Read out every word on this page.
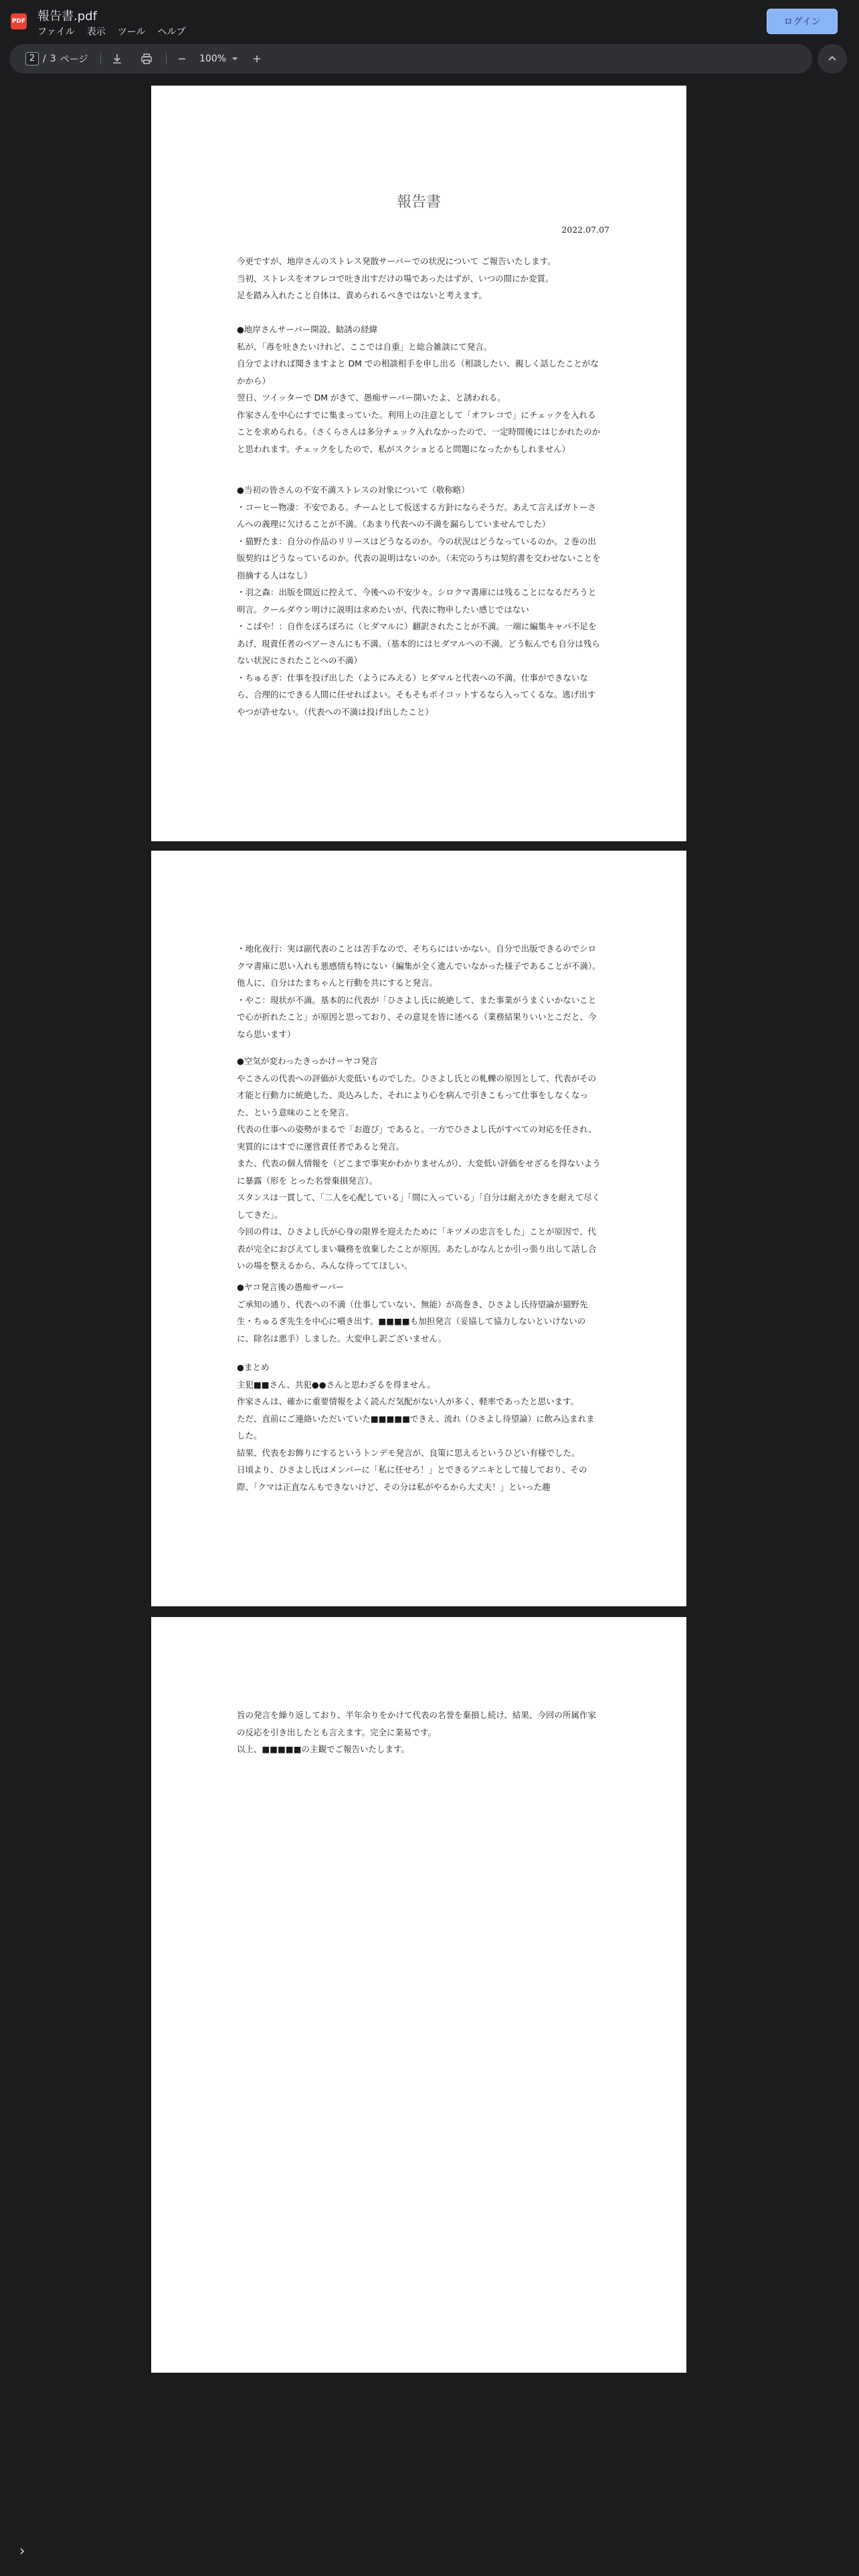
PDF 報告書.pdf
ファイル 表示 ツール ヘルプ
ログイン
2 / 3 ページ	100%
報告書
2022.07.07

今更ですが、地岸さんのストレス発散サーバーでの状況について ご報告いたします。

当初、ストレスをオフレコで吐き出すだけの場であったはずが、いつの間にか変質。

足を踏み入れたこと自体は、責められるべきではないと考えます。

●地岸さんサーバー開設、勧誘の経緯

私が、「毒を吐きたいけれど、ここでは自重」と総合雑談にて発言。

自分でよければ聞きますよと DM での相談相手を申し出る（相談したい、親しく話したことがなかから）

翌日、ツイッターで DM がきて、愚痴サーバー開いたよ、と誘われる。

作家さんを中心にすでに集まっていた。利用上の注意として「オフレコで」にチェックを入れることを求められる。（さくらさんは多分チェック入れなかったので、一定時間後にはじかれたのかと思われます。チェックをしたので、私がスクショとると問題になったかもしれません）

●当初の皆さんの不安不満ストレスの対象について（敬称略）

・コーヒー物凄：不安である。チームとして仮送する方針にならそうだ。あえて言えばガトーさんへの義理に欠けることが不満。（あまり代表への不満を漏らしていませんでした）

・猫野たま：自分の作品のリリースはどうなるのか。今の状況はどうなっているのか。２巻の出版契約はどうなっているのか。代表の説明はないのか。（未完のうちは契約書を交わせないことを指摘する人はなし）

・羽之森：出版を間近に控えて、今後への不安少々。シロクマ書庫には残ることになるだろうと明言。クールダウン明けに説明は求めたいが、代表に物申したい感じではない

・こばや！：自作をぼろぼろに（ヒダマルに）翻訳されたことが不満。一端に編集キャパ不足をあげ、現責任者のペアーさんにも不満。（基本的にはヒダマルへの不満。どう転んでも自分は残らない状況にされたことへの不満）

・ちゅるぎ：仕事を投げ出した（ようにみえる）ヒダマルと代表への不満。仕事ができないなら、合理的にできる人間に任せればよい。そもそもポイコットするなら入ってくるな。逃げ出すやつが許せない。（代表への不満は投げ出したこと）

・地化夜行：実は副代表のことは苦手なので、そちらにはいかない。自分で出版できるのでシロクマ書庫に思い入れも悪感情も特にない（編集が全く進んでいなかった様子であることが不満）。他人に、自分はたまちゃんと行動を共にすると発言。

・やこ：現状が不満。基本的に代表が「ひさよし氏に統絶して、また事業がうまくいかないことで心が折れたこと」が原因と思っており、その意見を皆に述べる（業務結果りいいとこだと、今なら思います）

●空気が変わったきっかけ＝ヤコ発言

やこさんの代表への評価が大変低いものでした。ひさよし氏との軋轢の原因として、代表がその才能と行動力に統絶した、炎込みした、それにより心を病んで引きこもって仕事をしなくなった、という意味のことを発言。

代表の仕事への姿勢がまるで「お遊び」であると。一方でひさよし氏がすべての対応を任され、実質的にはすでに運営責任者であると発言。

また、代表の個人情報を（どこまで事実かわかりませんが）、大変低い評価をせざるを得ないように暴露（形を とった名誉棄損発言）。

スタンスは一貫して、「二人を心配している」「間に入っている」「自分は耐えがたきを耐えて尽くしてきた」。

今回の件は、ひさよし氏が心身の限界を迎えたために「キツメの忠言をした」ことが原因で、代表が完全におびえてしまい職務を放棄したことが原因。あたしがなんとか引っ張り出して話し合いの場を整えるから、みんな待っててほしい。

●ヤコ発言後の愚痴サーバー

ご承知の通り、代表への不満（仕事していない、無能）が高巻き、ひさよし氏待望論が猫野先生・ちゅるぎ先生を中心に噴き出す。■■■■も加担発言（妥協して協力しないといけないのに、除名は悪手）しました。大変申し訳ございません。

●まとめ

主犯■■さん、共犯●●さんと思わざるを得ません。

作家さんは、確かに重要情報をよく読んだ気配がない人が多く、軽率であったと思います。

ただ、直前にご連絡いただいていた■■■■■できえ、流れ（ひさよし待望論）に飲み込まれました。

結果、代表をお飾りにするというトンデモ発言が、良策に思えるというひどい有様でした。

日頃より、ひさよし氏はメンバーに「私に任せろ！」とできるアニキとして接しており、その際、「クマは正直なんもできないけど、その分は私がやるから大丈夫！」といった趣

旨の発言を繰り返しており、半年余りをかけて代表の名誉を棄損し続け、結果、今回の所属作家の反応を引き出したとも言えます。完全に業易です。

以上、■■■■■の主観でご報告いたします。
